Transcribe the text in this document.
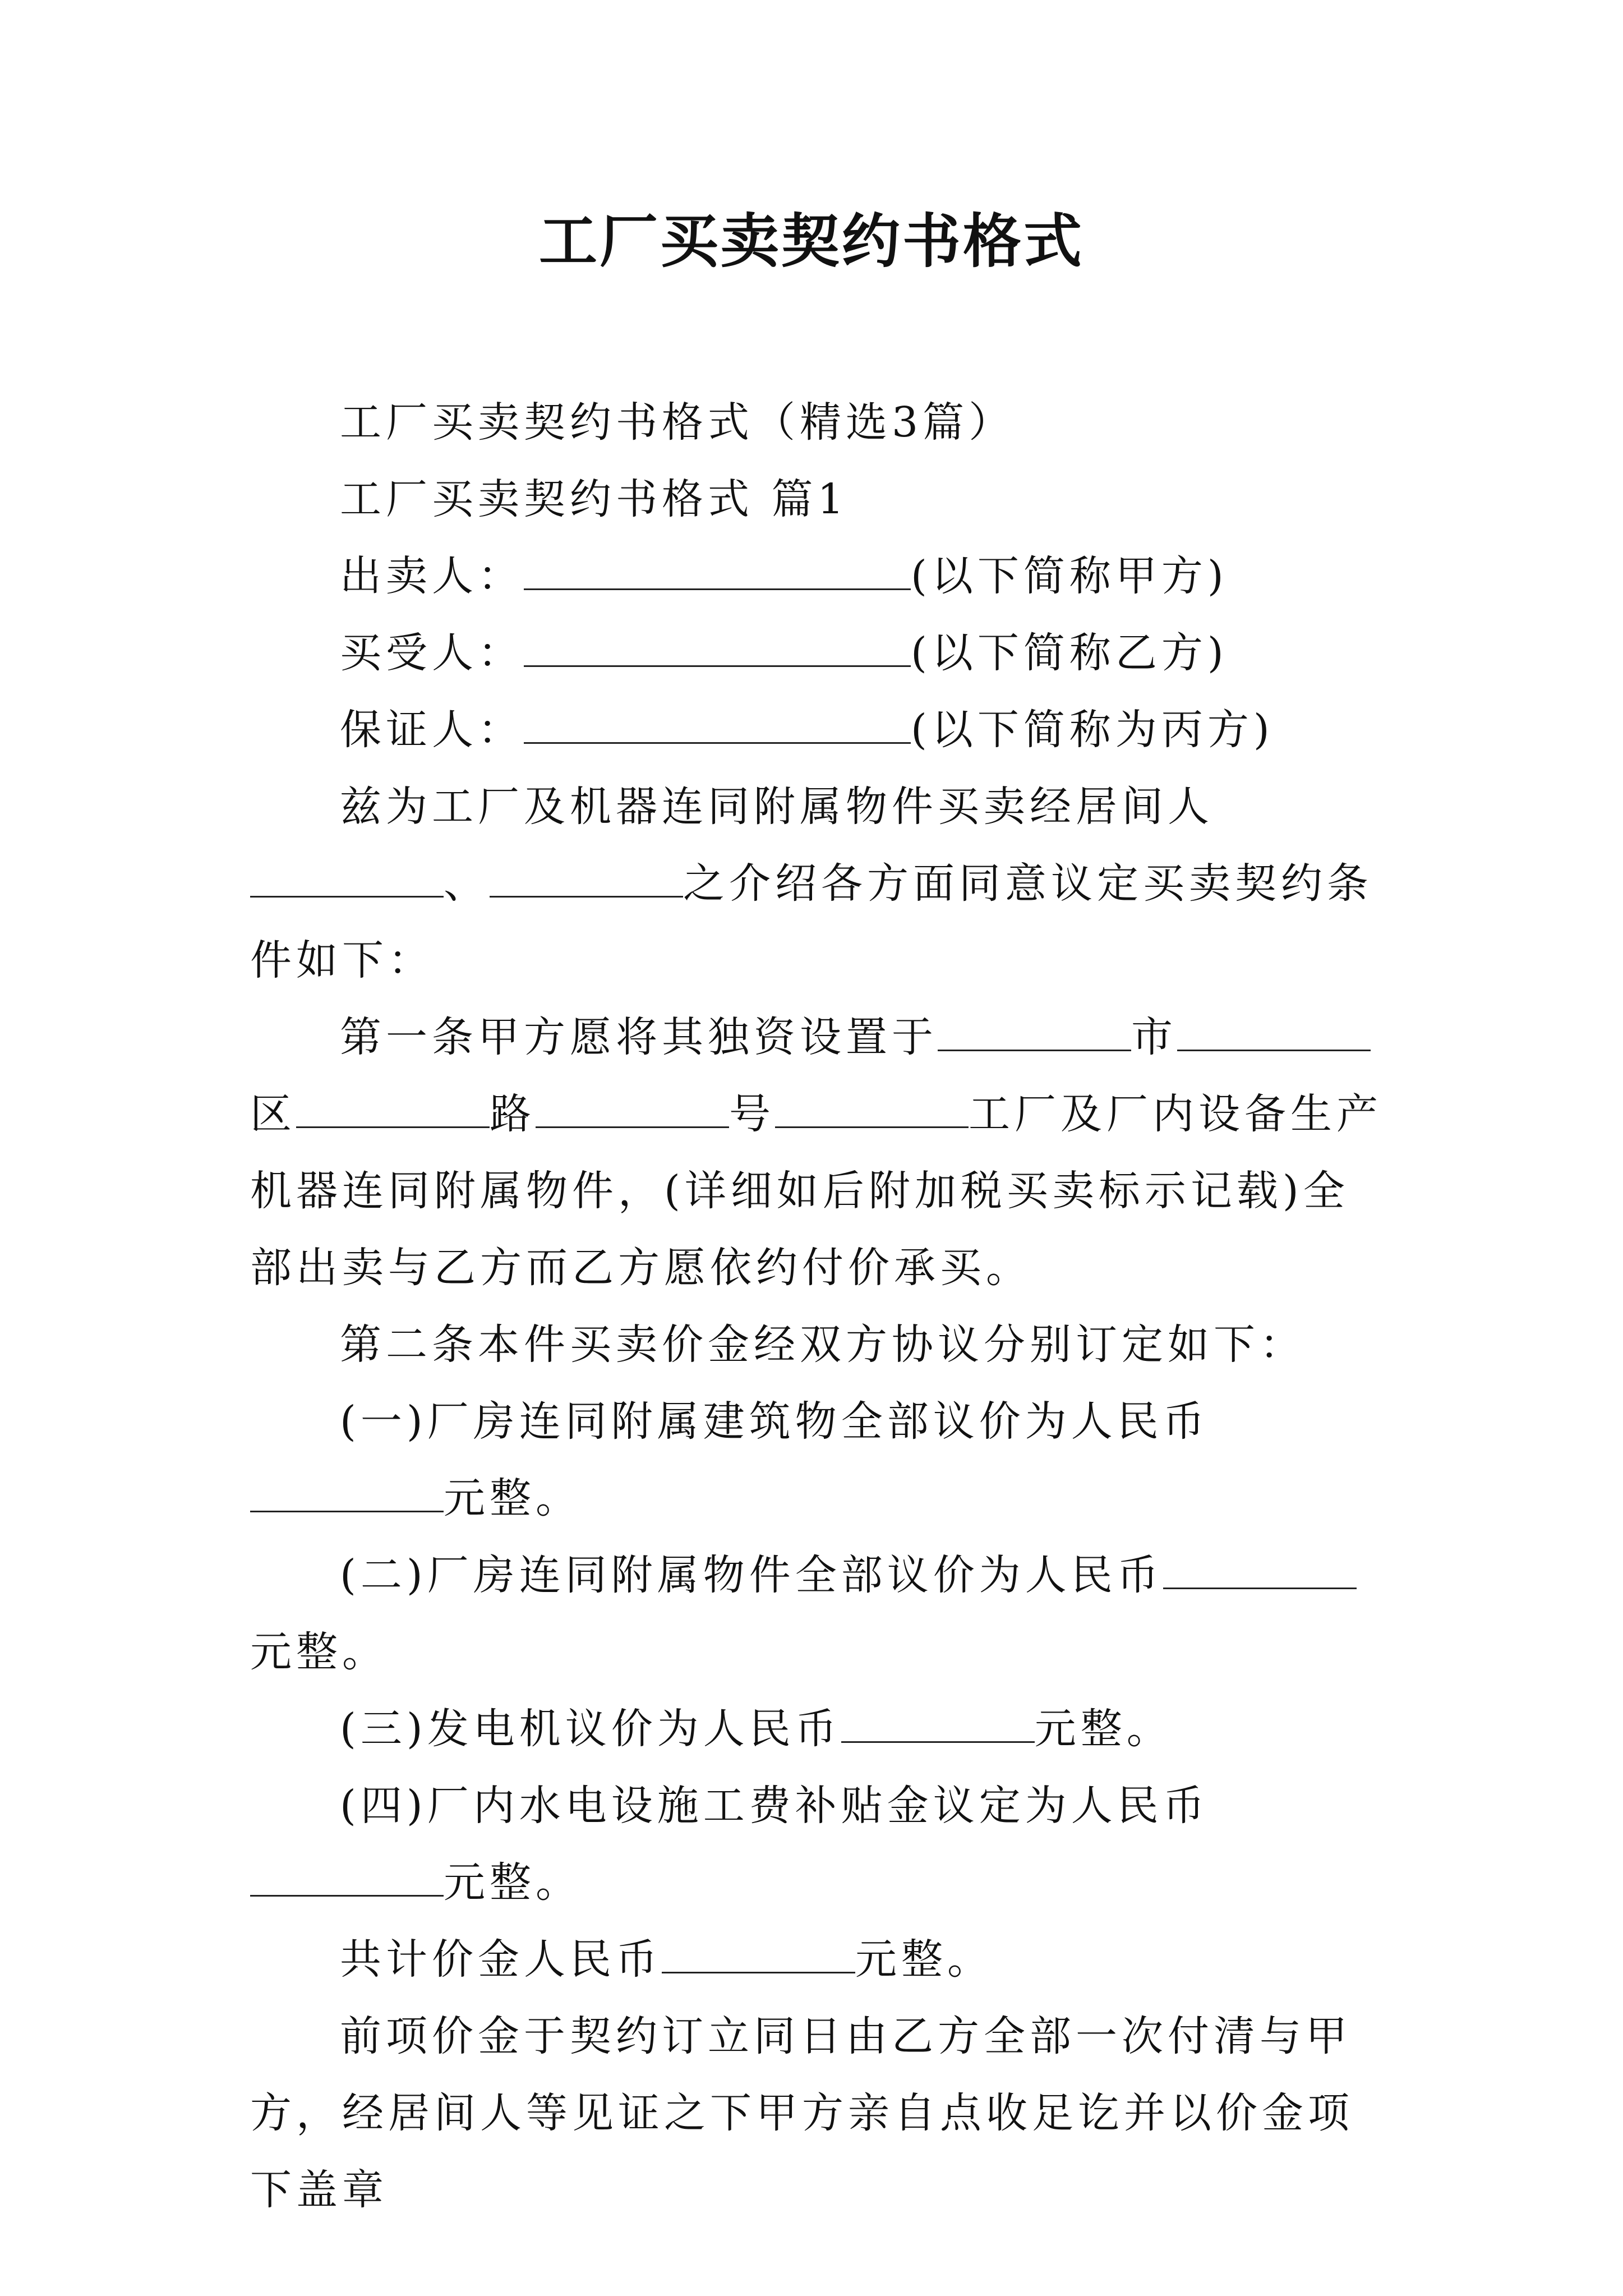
工厂买卖契约书格式

工厂买卖契约书格式（精选3篇）

工厂买卖契约书格式 篇1

出卖人：	(以下简称甲方)

买受人：	(以下简称乙方)

保证人：	(以下简称为丙方)

兹为工厂及机器连同附属物件买卖经居间人、	之介绍各方面同意议定买卖契约条件如下：

第一条甲方愿将其独资设置于	市区	路	号	工厂及厂内设备生产机器连同附属物件，(详细如后附加税买卖标示记载)全部出卖与乙方而乙方愿依约付价承买。

第二条本件买卖价金经双方协议分别订定如下：

(一)厂房连同附属建筑物全部议价为人民币元整。

(二)厂房连同附属物件全部议价为人民币元整。

(三)发电机议价为人民币	元整。

(四)厂内水电设施工费补贴金议定为人民币元整。

共计价金人民币	元整。

前项价金于契约订立同日由乙方全部一次付清与甲方，经居间人等见证之下甲方亲自点收足讫并以价金项下盖章
